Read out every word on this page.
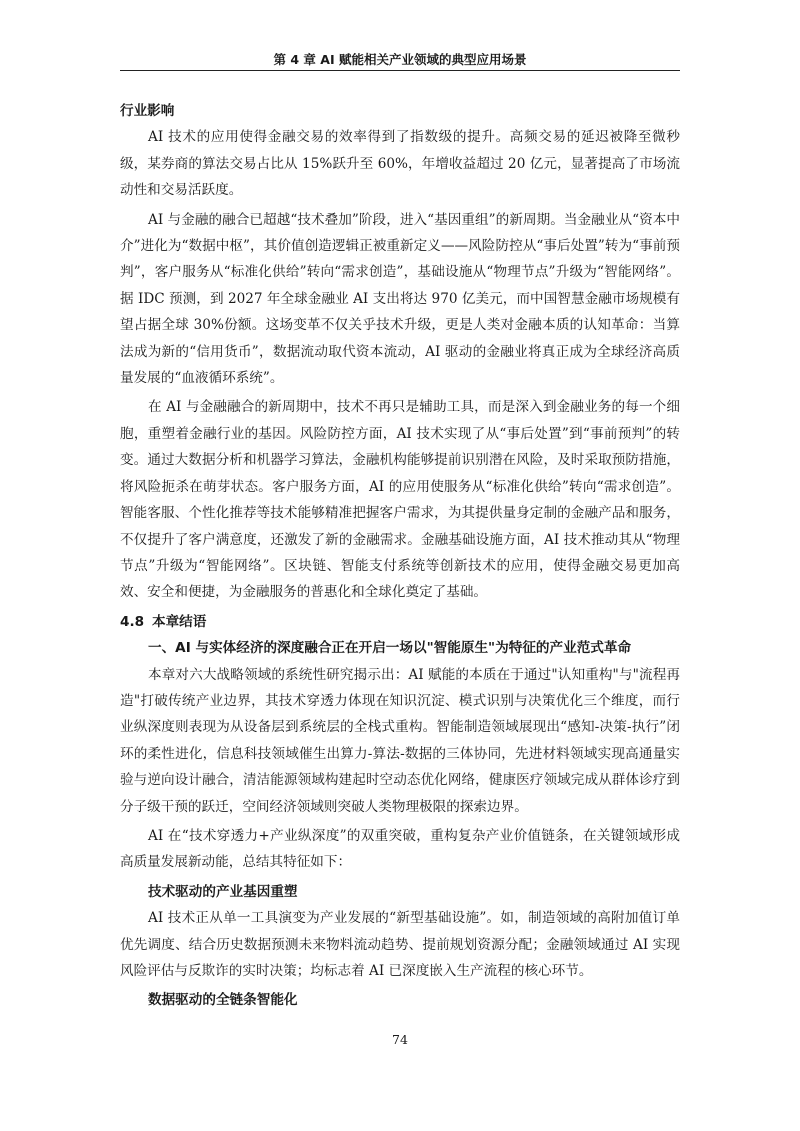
第 4 章 AI 赋能相关产业领域的典型应用场景
行业影响

AI 技术的应用使得金融交易的效率得到了指数级的提升。高频交易的延迟被降至微秒级，某券商的算法交易占比从 15%跃升至 60%，年增收益超过 20 亿元，显著提高了市场流动性和交易活跃度。

AI 与金融的融合已超越“技术叠加”阶段，进入“基因重组”的新周期。当金融业从“资本中介”进化为“数据中枢”，其价值创造逻辑正被重新定义——风险防控从“事后处置”转为“事前预判”，客户服务从“标准化供给”转向“需求创造”，基础设施从“物理节点”升级为“智能网络”。据 IDC 预测，到 2027 年全球金融业 AI 支出将达 970 亿美元，而中国智慧金融市场规模有望占据全球 30%份额。这场变革不仅关乎技术升级，更是人类对金融本质的认知革命：当算法成为新的“信用货币”，数据流动取代资本流动，AI 驱动的金融业将真正成为全球经济高质量发展的“血液循环系统”。

在 AI 与金融融合的新周期中，技术不再只是辅助工具，而是深入到金融业务的每一个细胞，重塑着金融行业的基因。风险防控方面，AI 技术实现了从“事后处置”到“事前预判”的转变。通过大数据分析和机器学习算法，金融机构能够提前识别潜在风险，及时采取预防措施，将风险扼杀在萌芽状态。客户服务方面，AI 的应用使服务从“标准化供给”转向“需求创造”。智能客服、个性化推荐等技术能够精准把握客户需求，为其提供量身定制的金融产品和服务，不仅提升了客户满意度，还激发了新的金融需求。金融基础设施方面，AI 技术推动其从“物理节点”升级为“智能网络”。区块链、智能支付系统等创新技术的应用，使得金融交易更加高效、安全和便捷，为金融服务的普惠化和全球化奠定了基础。

4.8 本章结语
一、AI 与实体经济的深度融合正在开启一场以"智能原生"为特征的产业范式革命

本章对六大战略领域的系统性研究揭示出：AI 赋能的本质在于通过"认知重构"与"流程再造"打破传统产业边界，其技术穿透力体现在知识沉淀、模式识别与决策优化三个维度，而行业纵深度则表现为从设备层到系统层的全栈式重构。智能制造领域展现出“感知-决策-执行”闭环的柔性进化，信息科技领域催生出算力-算法-数据的三体协同，先进材料领域实现高通量实验与逆向设计融合，清洁能源领域构建起时空动态优化网络，健康医疗领域完成从群体诊疗到分子级干预的跃迁，空间经济领域则突破人类物理极限的探索边界。

AI 在“技术穿透力+产业纵深度”的双重突破，重构复杂产业价值链条，在关键领域形成高质量发展新动能，总结其特征如下：

技术驱动的产业基因重塑

AI 技术正从单一工具演变为产业发展的“新型基础设施”。如，制造领域的高附加值订单优先调度、结合历史数据预测未来物料流动趋势、提前规划资源分配；金融领域通过 AI 实现风险评估与反欺诈的实时决策；均标志着 AI 已深度嵌入生产流程的核心环节。

数据驱动的全链条智能化
74
